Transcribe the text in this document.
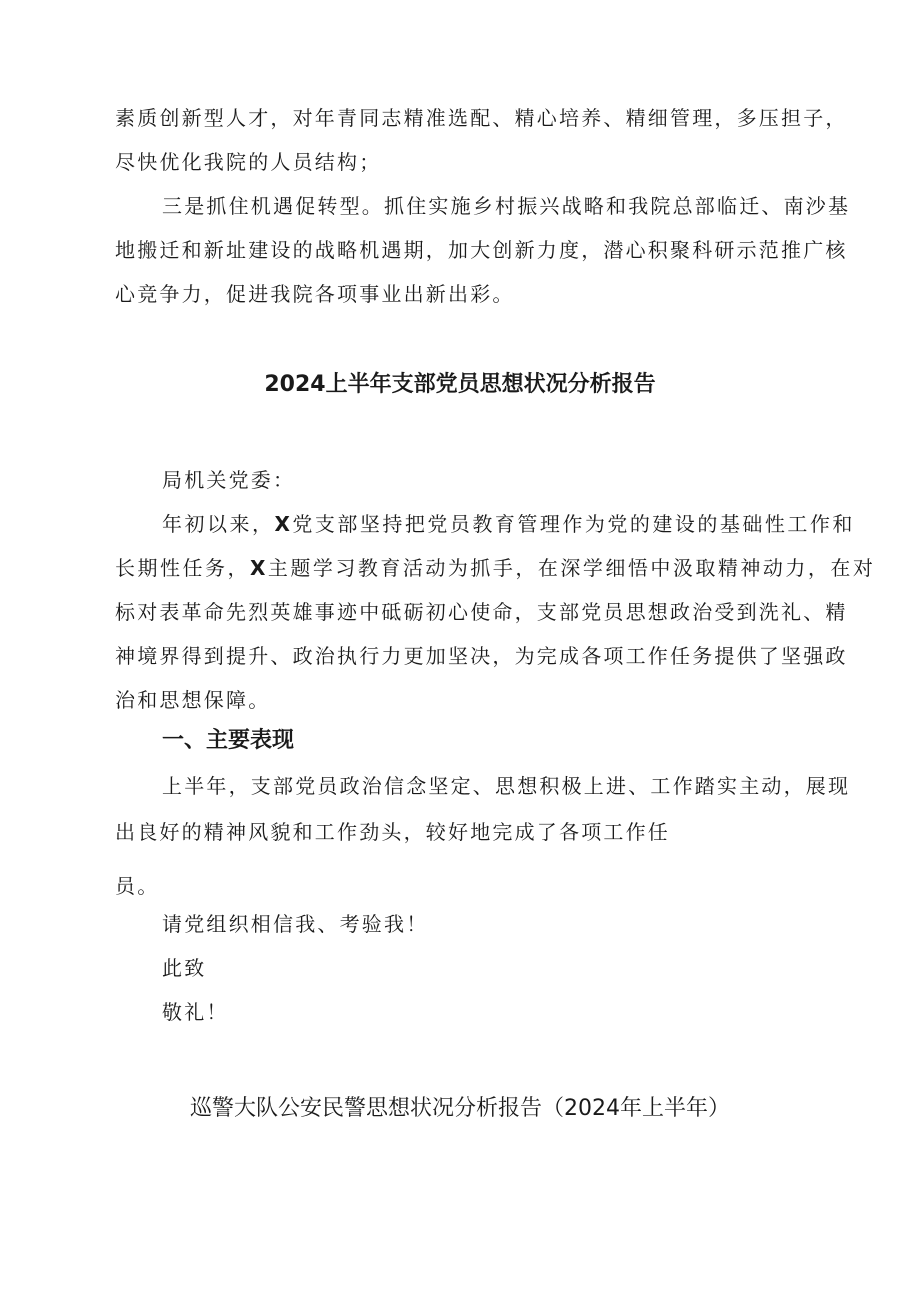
素质创新型人才，对年青同志精准选配、精心培养、精细管理，多压担子，
尽快优化我院的人员结构；
三是抓住机遇促转型。抓住实施乡村振兴战略和我院总部临迁、南沙基
地搬迁和新址建设的战略机遇期，加大创新力度，潜心积聚科研示范推广核
心竞争力，促进我院各项事业出新出彩。
2024上半年支部党员思想状况分析报告
局机关党委：
年初以来，X党支部坚持把党员教育管理作为党的建设的基础性工作和
长期性任务，X主题学习教育活动为抓手，在深学细悟中汲取精神动力，在对
标对表革命先烈英雄事迹中砥砺初心使命，支部党员思想政治受到洗礼、精
神境界得到提升、政治执行力更加坚决，为完成各项工作任务提供了坚强政
治和思想保障。
一、主要表现
上半年，支部党员政治信念坚定、思想积极上进、工作踏实主动，展现
出良好的精神风貌和工作劲头，较好地完成了各项工作任
员。
请党组织相信我、考验我！
此致
敬礼！
巡警大队公安民警思想状况分析报告（2024年上半年）
